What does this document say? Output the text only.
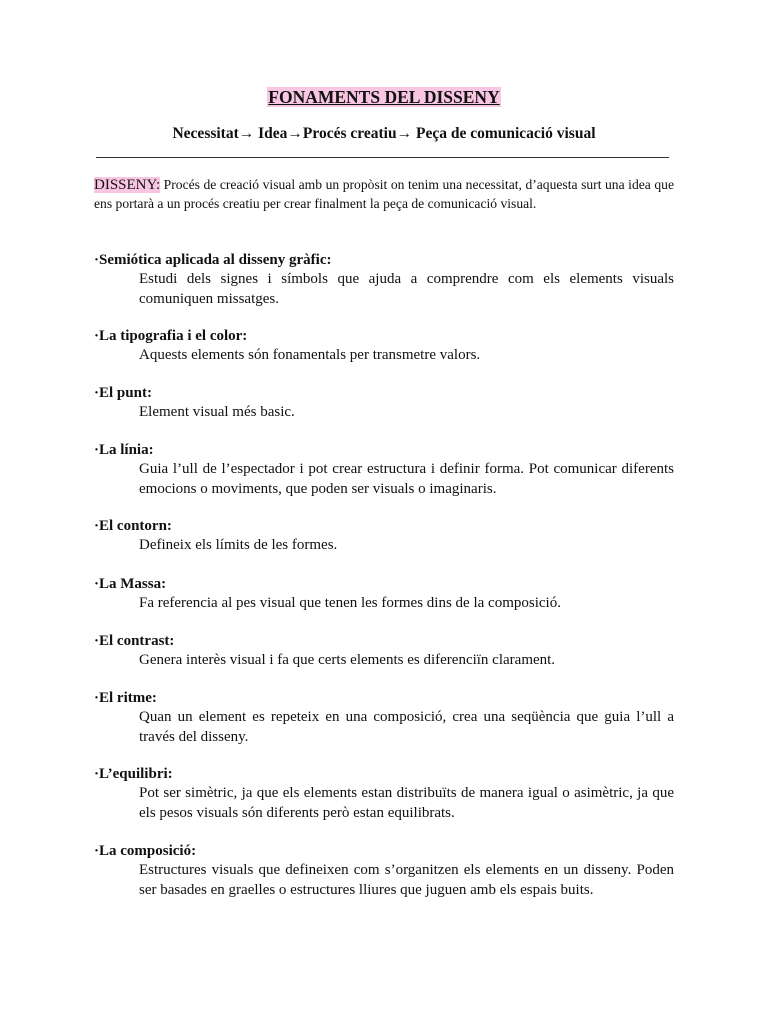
FONAMENTS DEL DISSENY
Necessitat→ Idea→Procés creatiu→ Peça de comunicació visual

DISSENY: Procés de creació visual amb un propòsit on tenim una necessitat, d’aquesta surt una idea que ens portarà a un procés creatiu per crear finalment la peça de comunicació visual.

·Semiótica aplicada al disseny gràfic:
Estudi dels signes i símbols que ajuda a comprendre com els elements visuals comuniquen missatges.
·La tipografia i el color:
Aquests elements són fonamentals per transmetre valors.
·El punt:
Element visual més basic.
·La línia:
Guia l’ull de l’espectador i pot crear estructura i definir forma. Pot comunicar diferents emocions o moviments, que poden ser visuals o imaginaris.
·El contorn:
Defineix els límits de les formes.
·La Massa:
Fa referencia al pes visual que tenen les formes dins de la composició.
·El contrast:
Genera interès visual i fa que certs elements es diferenciïn clarament.
·El ritme:
Quan un element es repeteix en una composició, crea una seqüència que guia l’ull a través del disseny.
·L’equilibri:
Pot ser simètric, ja que els elements estan distribuïts de manera igual o asimètric, ja que els pesos visuals són diferents però estan equilibrats.
·La composició:
Estructures visuals que defineixen com s’organitzen els elements en un disseny. Poden ser basades en graelles o estructures lliures que juguen amb els espais buits.
